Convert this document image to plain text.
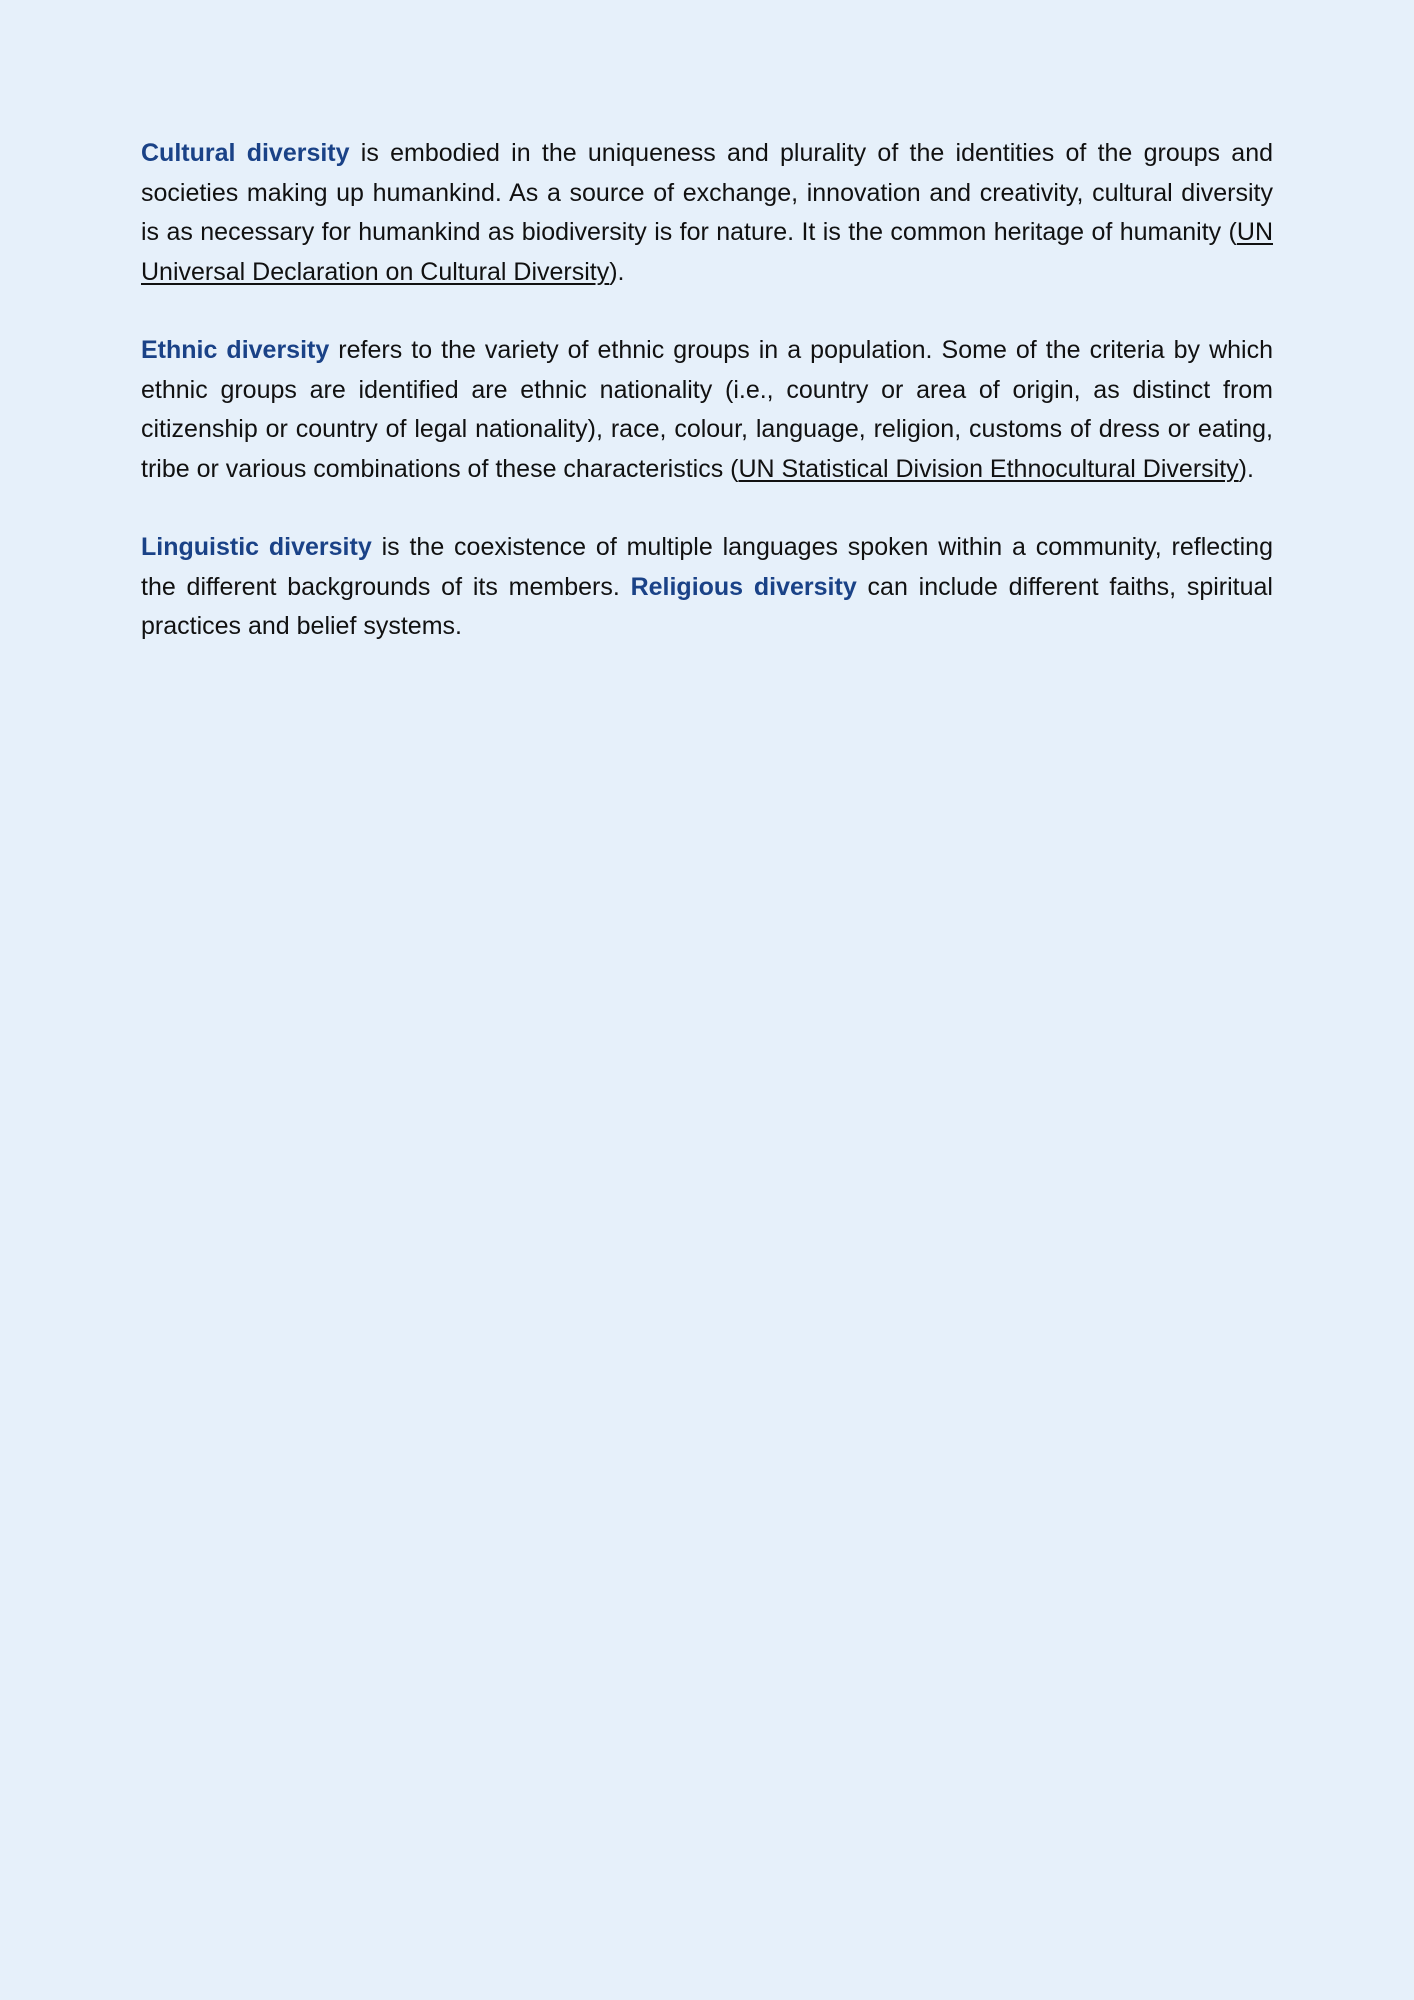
Cultural diversity is embodied in the uniqueness and plurality of the identities of the groups and societies making up humankind. As a source of exchange, innovation and creativity, cultural diversity is as necessary for humankind as biodiversity is for nature. It is the common heritage of humanity (UN Universal Declaration on Cultural Diversity).

Ethnic diversity refers to the variety of ethnic groups in a population. Some of the criteria by which ethnic groups are identified are ethnic nationality (i.e., country or area of origin, as distinct from citizenship or country of legal nationality), race, colour, language, religion, customs of dress or eating, tribe or various combinations of these characteristics (UN Statistical Division Ethnocultural Diversity).

Linguistic diversity is the coexistence of multiple languages spoken within a community, reflecting the different backgrounds of its members. Religious diversity can include different faiths, spiritual practices and belief systems.
